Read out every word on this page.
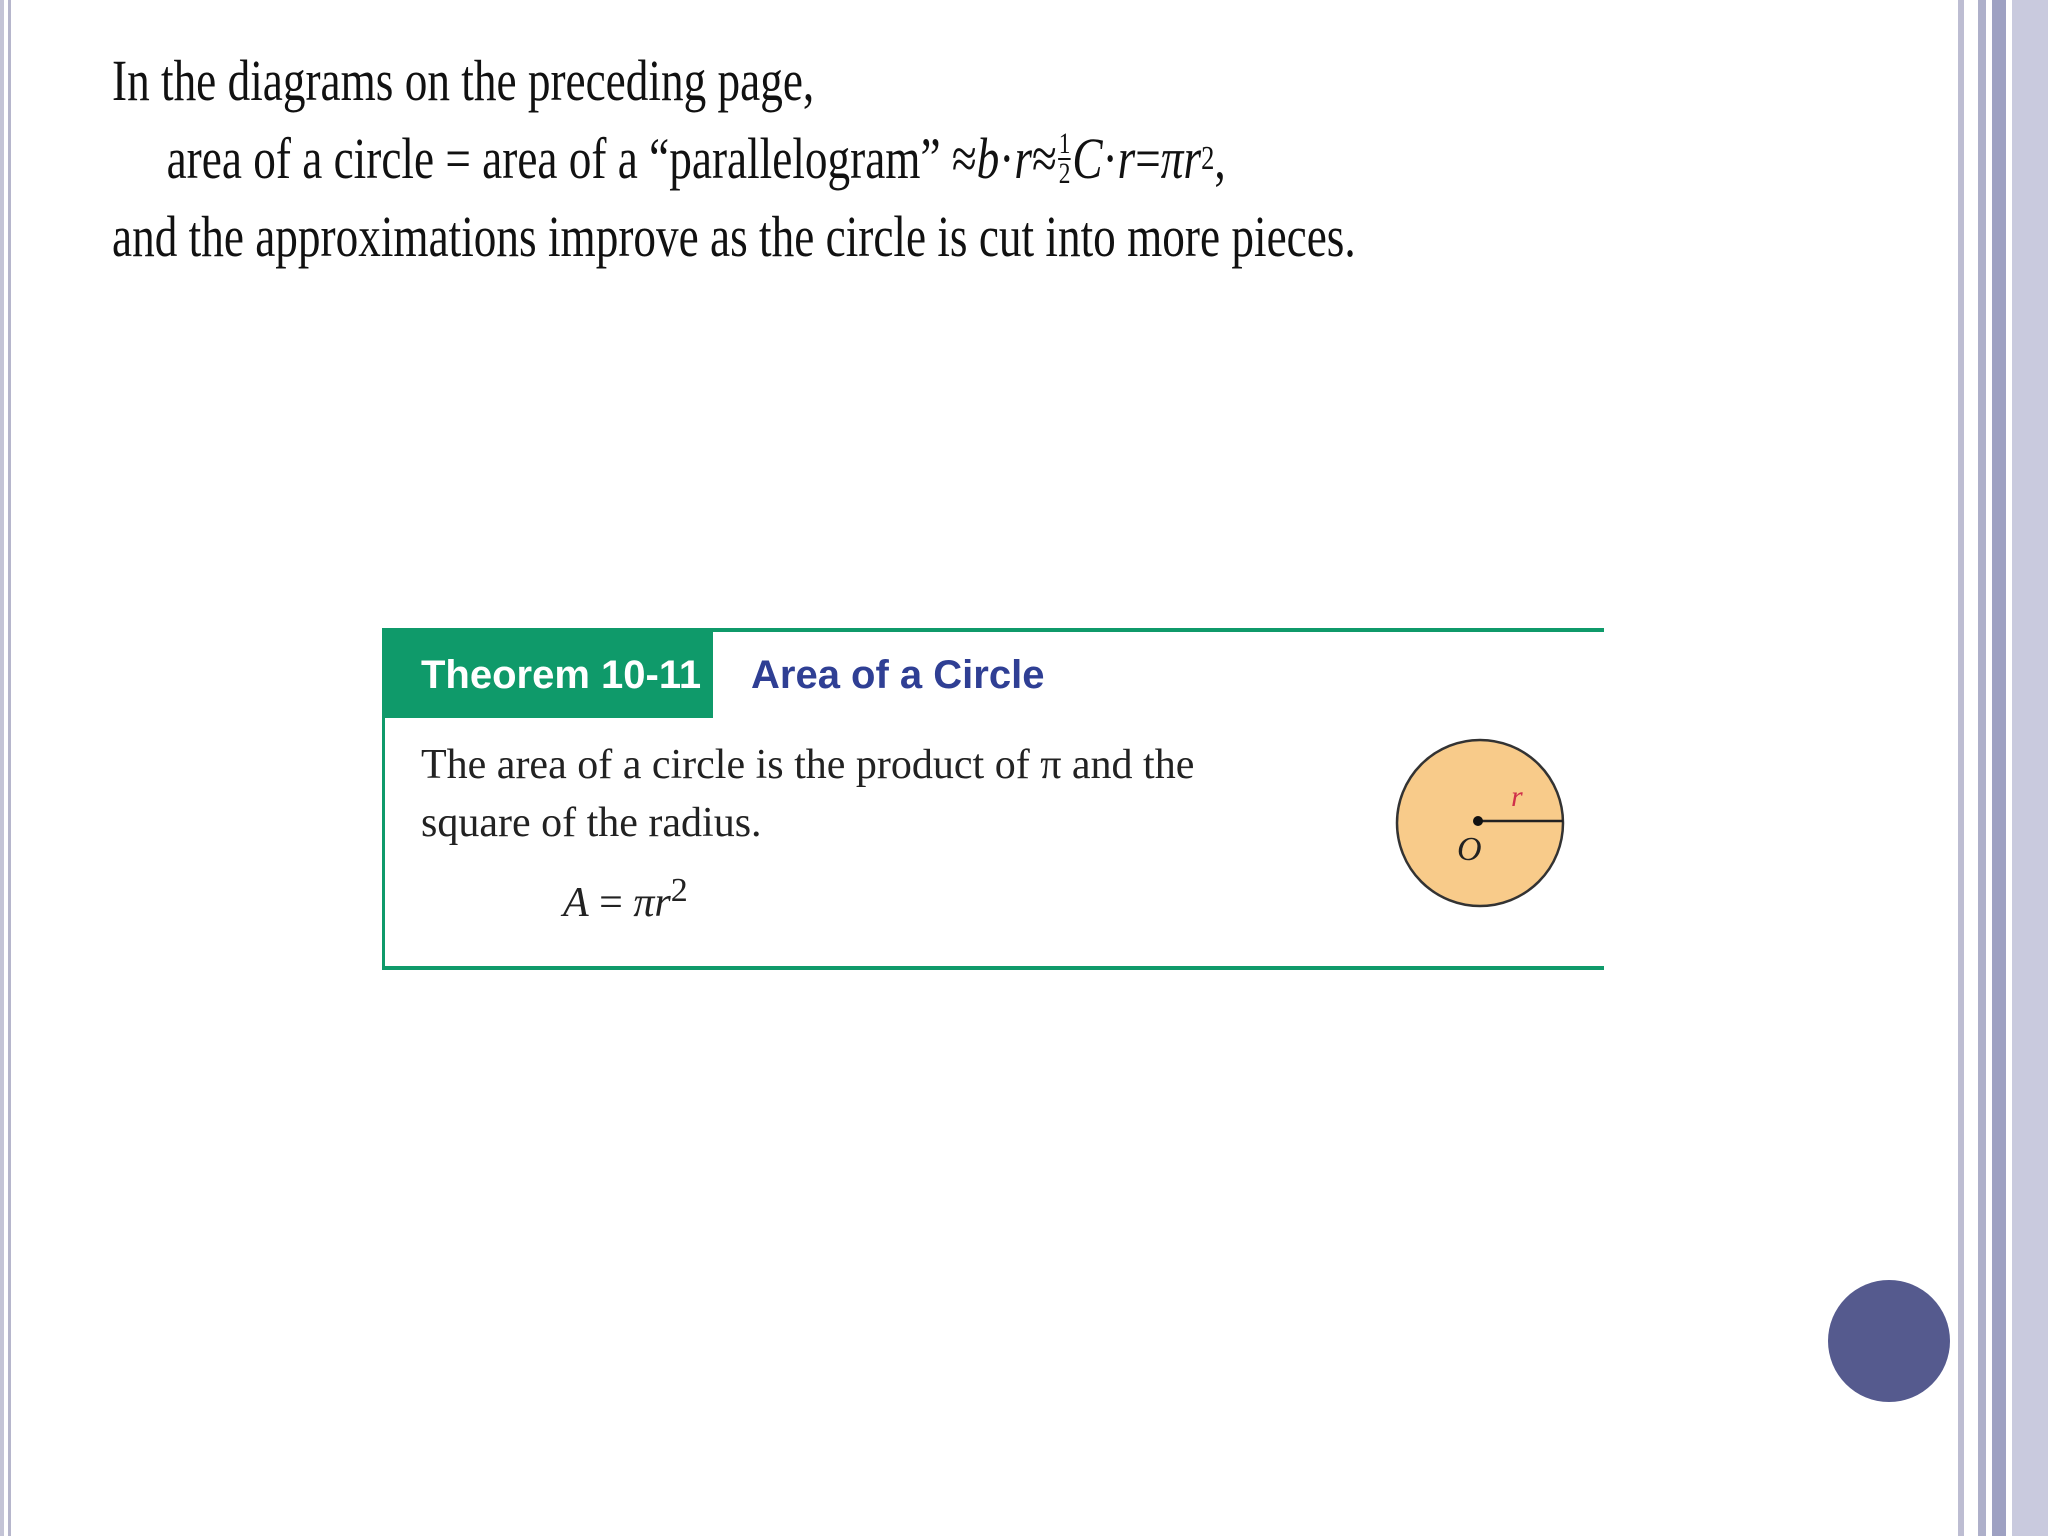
In the diagrams on the preceding page,
area of a circle = area of a “parallelogram” ≈ $b \cdot r \approx \frac{1}{2}$ C · r = πr 2 ,
and the approximations improve as the circle is cut into more pieces.
Theorem 10-11 Area of a Circle
The area of a circle is the product of π and the
square of the radius.
$A = \pi r^2$
O
r
